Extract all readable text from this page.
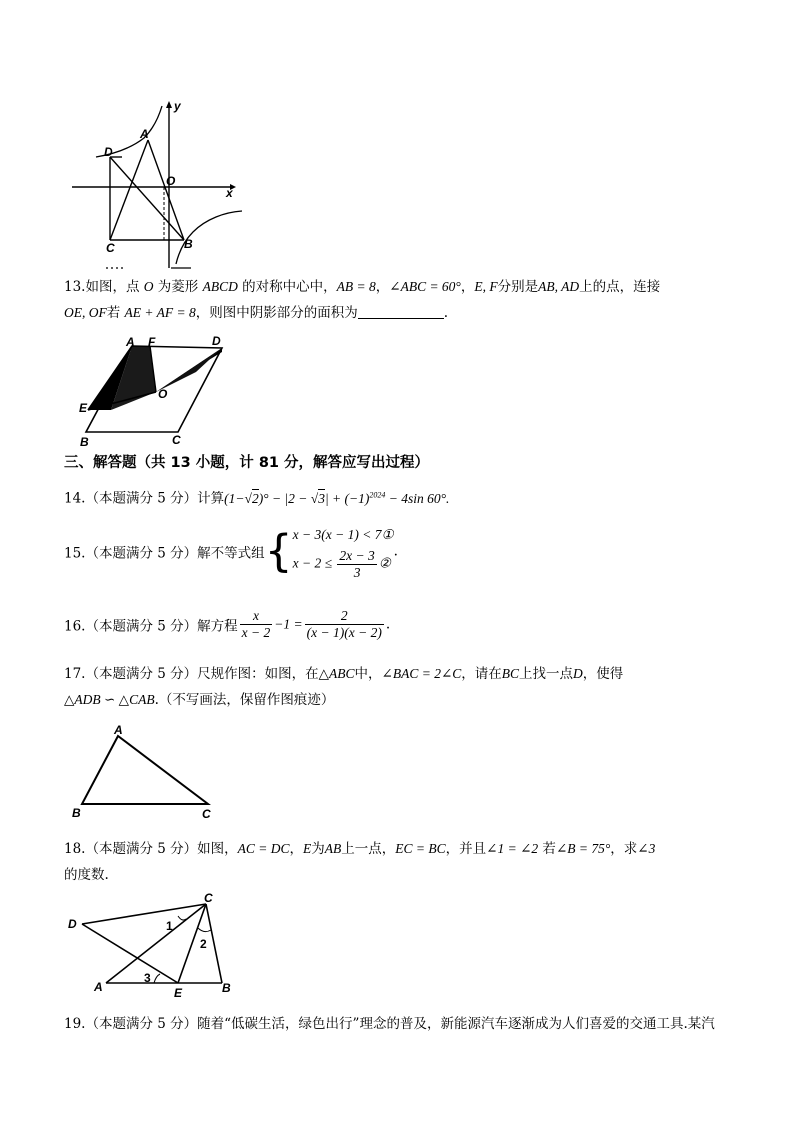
y
x
A
D
O
C	B
13.如图，点 O 为菱形 ABCD 的对称中心中，AB = 8，∠ABC = 60°，E, F分别是AB, AD上的点，连接
OE, OF若 AE + AF = 8，则图中阴影部分的面积为	.
A F	D
O
E
B	C
三、解答题（共 13 小题，计 81 分，解答应写出过程）
14.（本题满分 5 分）计算$(1-√2)^\circ - |2 - √3| + (-1)^{2024} - 4\sin$ 60°.
15.（本题满分 5 分）解不等式组{ x − 3(x − 1) < 7①
$x - 2 \le \frac{2x - 3}{3}$ ②
.
16.（本题满分 5 分）解方程 $\frac{x}{x - 2} -1 = \frac{2}{(x - 1)(x - 2)}$ .
17.（本题满分 5 分）尺规作图：如图，在△ABC中，∠BAC = 2∠C，请在BC上找一点D，使得
△ADB ∽ △CAB.（不写画法，保留作图痕迹）
A
B	C
18.（本题满分 5 分）如图，AC = DC，E为AB上一点，EC = BC，并且∠1 = ∠2 若∠B = 75°，求∠3
的度数.
D
C
1
2
3
A	E	B
19.（本题满分 5 分）随着“低碳生活，绿色出行”理念的普及，新能源汽车逐渐成为人们喜爱的交通工具.某汽
